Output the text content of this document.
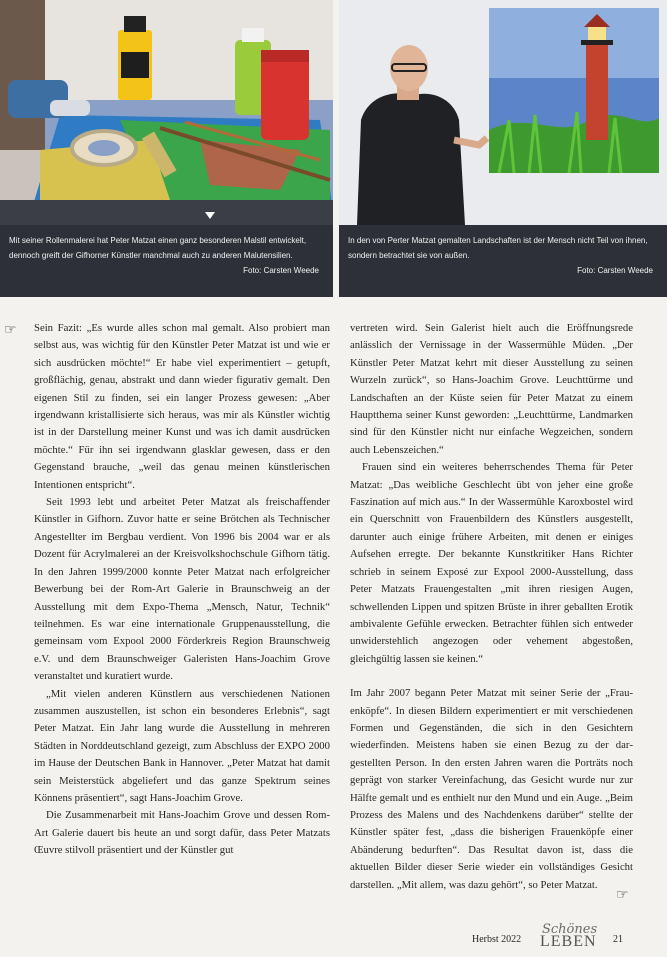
Mit seiner Rollenmalerei hat Peter Matzat einen ganz besonderen Malstil entwickelt, dennoch greift der Gifhorner Künstler manchmal auch zu anderen Malutensilien.
Foto: Carsten Weede
In den von Perter Matzat gemalten Landschaften ist der Mensch nicht Teil von ihnen, sondern betrachtet sie von außen.
Foto: Carsten Weede
☞
☞

Sein Fazit: „Es wurde alles schon mal gemalt. Also probiert man selbst aus, was wichtig für den Künstler Peter Matzat ist und wie er sich ausdrücken möchte!“ Er habe viel experimentiert – getupft, großflächig, genau, abstrakt und dann wieder figurativ gemalt. Den eigenen Stil zu finden, sei ein langer Prozess gewesen: „Aber irgendwann kristallisierte sich heraus, was mir als Künstler wichtig ist in der Darstellung meiner Kunst und was ich damit ausdrücken möchte.“ Für ihn sei irgendwann glasklar gewesen, dass er den Gegenstand brauche, „weil das genau meinen künstlerischen Intentionen entspricht“.

Seit 1993 lebt und arbeitet Peter Matzat als freischaffender Künstler in Gifhorn. Zuvor hatte er seine Brötchen als Technischer Angestellter im Bergbau verdient. Von 1996 bis 2004 war er als Dozent für Acrylmalerei an der Kreisvolkshochschule Gifhorn tätig. In den Jahren 1999/2000 konnte Peter Matzat nach erfolgreicher Bewerbung bei der Rom-Art Galerie in Braunschweig an der Ausstellung mit dem Expo-Thema „Mensch, Natur, Technik“ teilnehmen. Es war eine internationale Gruppenausstellung, die gemeinsam vom Expool 2000 Förderkreis Region Braunschweig e.V. und dem Braunschweiger Galeristen Hans-Joachim Grove veranstaltet und kuratiert wurde.

„Mit vielen anderen Künstlern aus verschiedenen Nationen zusammen auszustellen, ist schon ein besonderes Erlebnis“, sagt Peter Matzat. Ein Jahr lang wurde die Ausstellung in mehreren Städten in Norddeutschland gezeigt, zum Abschluss der EXPO 2000 im Hause der Deutschen Bank in Hannover. „Peter Matzat hat damit sein Meisterstück abgeliefert und das ganze Spektrum seines Könnens präsentiert“, sagt Hans-Joachim Grove.

Die Zusammenarbeit mit Hans-Joachim Grove und dessen Rom-Art Galerie dauert bis heute an und sorgt dafür, dass Peter Matzats Œuvre stilvoll präsentiert und der Künstler gut

vertreten wird. Sein Galerist hielt auch die Eröffnungsrede anlässlich der Vernissage in der Wassermühle Müden. „Der Künstler Peter Matzat kehrt mit dieser Ausstellung zu seinen Wurzeln zurück“, so Hans-Joachim Grove. Leuchttürme und Landschaften an der Küste seien für Peter Matzat zu einem Hauptthema seiner Kunst geworden: „Leuchttürme, Landmarken sind für den Künstler nicht nur einfache Wegzeichen, sondern auch Lebenszeichen.“

Frauen sind ein weiteres beherrschendes Thema für Peter Matzat: „Das weibliche Geschlecht übt von jeher eine große Faszination auf mich aus.“ In der Wassermühle Karoxbostel wird ein Querschnitt von Frauenbildern des Künstlers ausgestellt, darunter auch einige frühere Arbeiten, mit denen er einiges Aufsehen erregte. Der bekannte Kunstkritiker Hans Richter schrieb in seinem Exposé zur Expool 2000-Ausstellung, dass Peter Matzats Frauengestalten „mit ihren riesigen Augen, schwellenden Lippen und spitzen Brüste in ihrer geballten Erotik ambivalente Gefühle erwecken. Betrachter fühlen sich entweder unwiderstehlich angezogen oder vehement abgestoßen, gleichgültig lassen sie keinen.“

Im Jahr 2007 begann Peter Matzat mit seiner Serie der „Frauenköpfe“. In diesen Bildern experimentiert er mit verschiedenen Formen und Gegenständen, die sich in den Gesichtern wiederfinden. Meistens haben sie einen Bezug zu der dargestellten Person. In den ersten Jahren waren die Porträts noch geprägt von starker Vereinfachung, das Gesicht wurde nur zur Hälfte gemalt und es enthielt nur den Mund und ein Auge. „Beim Prozess des Malens und des Nachdenkens darüber“ stellte der Künstler später fest, „dass die bisherigen Frauenköpfe einer Abänderung bedurften“. Das Resultat davon ist, dass die aktuellen Bilder dieser Serie wieder ein vollständiges Gesicht darstellen. „Mit allem, was dazu gehört“, so Peter Matzat.

Herbst 2022
Schönes
LEBEN 21
